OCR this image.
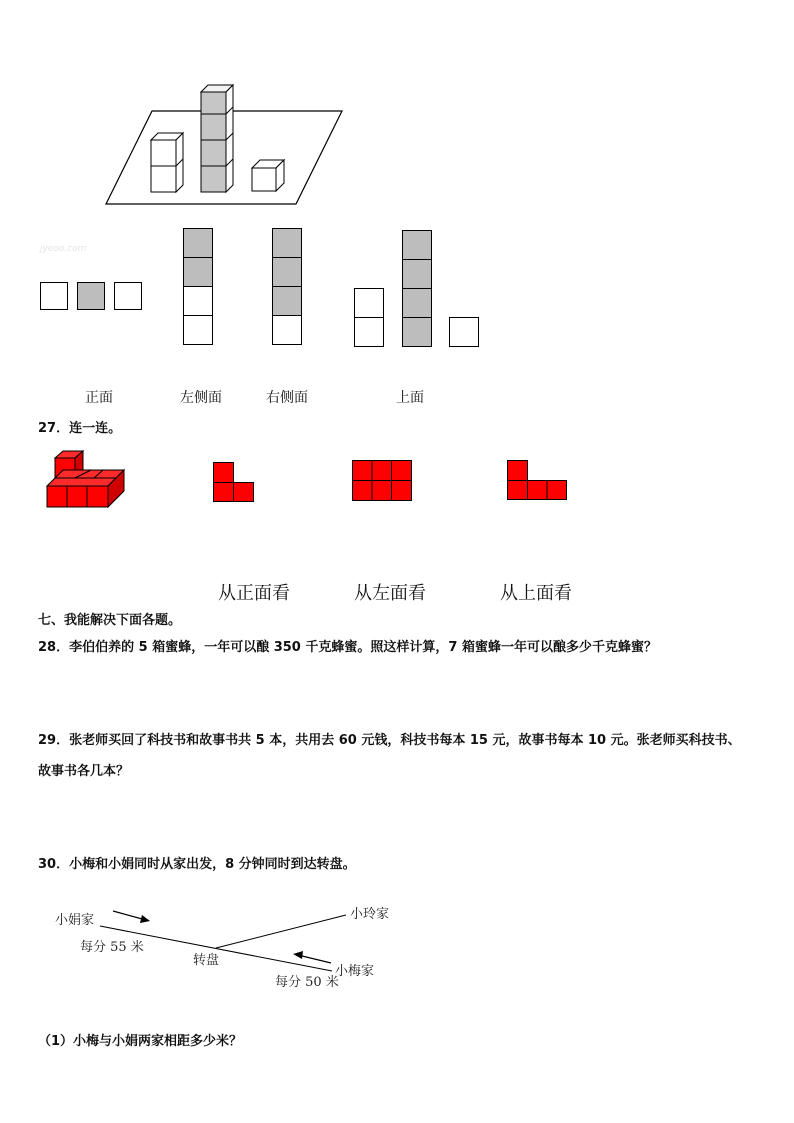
jyeoo.com
正面	左侧面	右侧面	上面
27．连一连。
从正面看	从左面看	从上面看
七、我能解决下面各题。
28．李伯伯养的 5 箱蜜蜂，一年可以酿 350 千克蜂蜜。照这样计算，7 箱蜜蜂一年可以酿多少千克蜂蜜？
29．张老师买回了科技书和故事书共 5 本，共用去 60 元钱，科技书每本 15 元，故事书每本 10 元。张老师买科技书、
故事书各几本？
30．小梅和小娟同时从家出发，8 分钟同时到达转盘。
小娟家
每分 55 米
转盘
小玲家
小梅家
每分 50 米
（1）小梅与小娟两家相距多少米？
